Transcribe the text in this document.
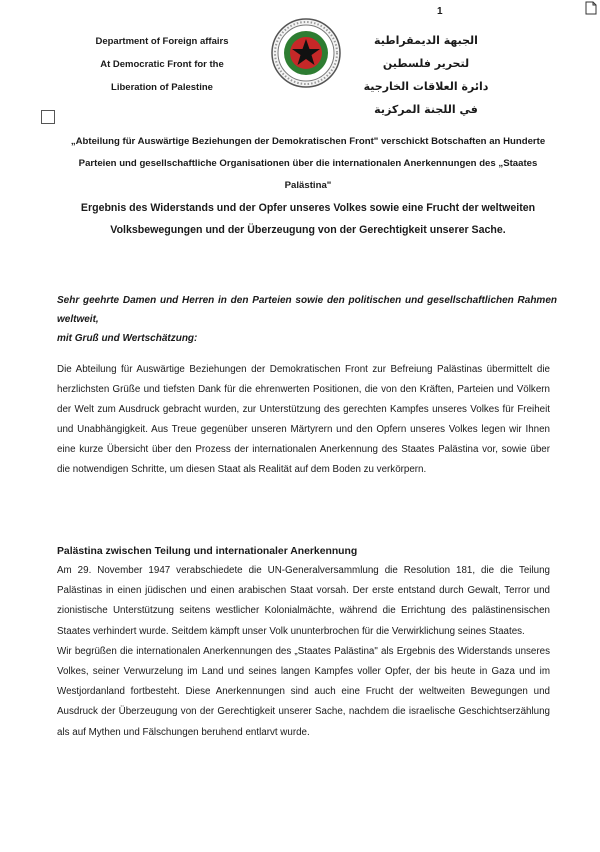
1
Department of Foreign affairs
At Democratic Front for the
Liberation of Palestine
الجبهة الديمقراطية لتحرير فلسطين
دائرة العلاقات الخارجية
في اللجنة المركزية
„Abteilung für Auswärtige Beziehungen der Demokratischen Front" verschickt Botschaften an Hunderte Parteien und gesellschaftliche Organisationen über die internationalen Anerkennungen des „Staates Palästina"
Ergebnis des Widerstands und der Opfer unseres Volkes sowie eine Frucht der weltweiten Volksbewegungen und der Überzeugung von der Gerechtigkeit unserer Sache.
Sehr geehrte Damen und Herren in den Parteien sowie den politischen und gesellschaftlichen Rahmen weltweit,
mit Gruß und Wertschätzung:

Die Abteilung für Auswärtige Beziehungen der Demokratischen Front zur Befreiung Palästinas übermittelt die herzlichsten Grüße und tiefsten Dank für die ehrenwerten Positionen, die von den Kräften, Parteien und Völkern der Welt zum Ausdruck gebracht wurden, zur Unterstützung des gerechten Kampfes unseres Volkes für Freiheit und Unabhängigkeit. Aus Treue gegenüber unseren Märtyrern und den Opfern unseres Volkes legen wir Ihnen eine kurze Übersicht über den Prozess der internationalen Anerkennung des Staates Palästina vor, sowie über die notwendigen Schritte, um diesen Staat als Realität auf dem Boden zu verkörpern.

Palästina zwischen Teilung und internationaler Anerkennung

Am 29. November 1947 verabschiedete die UN-Generalversammlung die Resolution 181, die die Teilung Palästinas in einen jüdischen und einen arabischen Staat vorsah. Der erste entstand durch Gewalt, Terror und zionistische Unterstützung seitens westlicher Kolonialmächte, während die Errichtung des palästinensischen Staates verhindert wurde. Seitdem kämpft unser Volk ununterbrochen für die Verwirklichung seines Staates.

Wir begrüßen die internationalen Anerkennungen des „Staates Palästina" als Ergebnis des Widerstands unseres Volkes, seiner Verwurzelung im Land und seines langen Kampfes voller Opfer, der bis heute in Gaza und im Westjordanland fortbesteht. Diese Anerkennungen sind auch eine Frucht der weltweiten Bewegungen und Ausdruck der Überzeugung von der Gerechtigkeit unserer Sache, nachdem die israelische Geschichtserzählung als auf Mythen und Fälschungen beruhend entlarvt wurde.
